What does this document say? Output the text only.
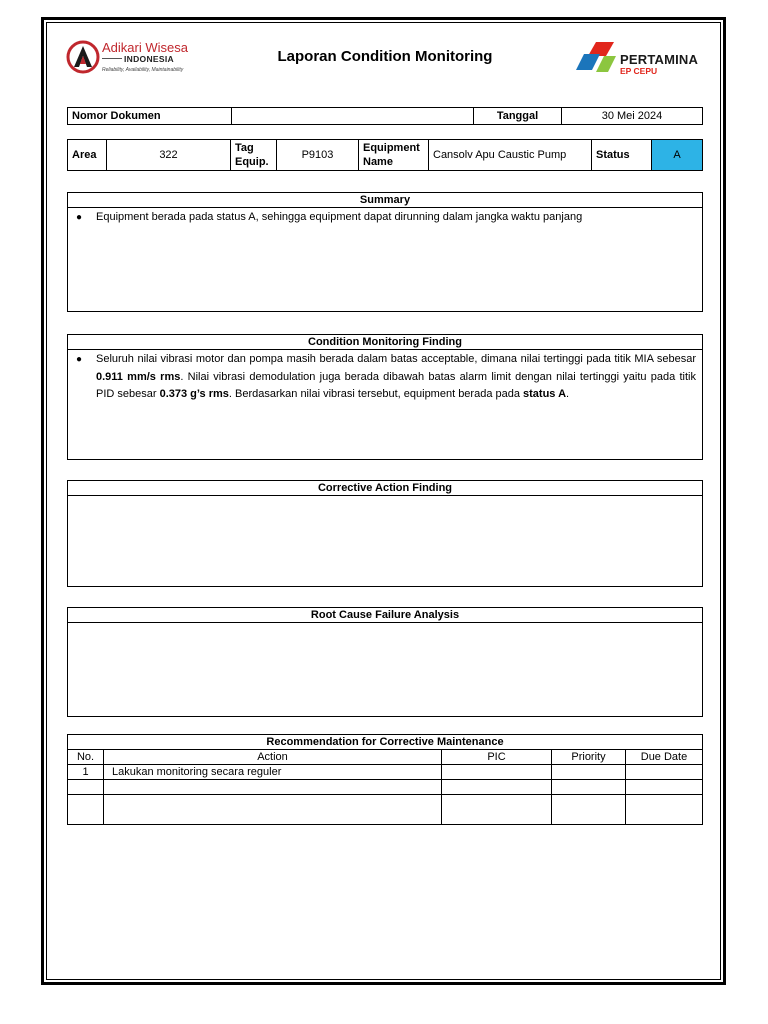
Adikari Wisesa
INDONESIA
Reliability, Availability, Maintainability
Laporan Condition Monitoring	PERTAMINA
EP CEPU
Nomor Dokumen		Tanggal	30 Mei 2024
Area	322	Tag Equip.	P9103	Equipment Name	Cansolv Apu Caustic Pump	Status	A
Summary
●	Equipment berada pada status A, sehingga equipment dapat dirunning dalam jangka waktu panjang
Condition Monitoring Finding
●	Seluruh nilai vibrasi motor dan pompa masih berada dalam batas acceptable, dimana nilai tertinggi pada titik MIA sebesar 0.911 mm/s rms. Nilai vibrasi demodulation juga berada dibawah batas alarm limit dengan nilai tertinggi yaitu pada titik PID sebesar 0.373 g’s rms. Berdasarkan nilai vibrasi tersebut, equipment berada pada status A.
Corrective Action Finding
Root Cause Failure Analysis
Recommendation for Corrective Maintenance				
No.	Action	PIC	Priority	Due Date
1	Lakukan monitoring secara reguler			
